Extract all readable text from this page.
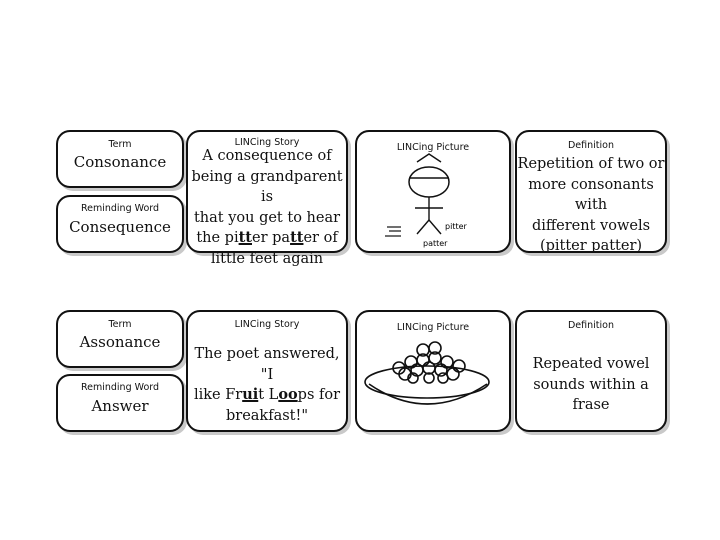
Term
Consonance
Reminding Word
Consequence
LINCing Story
A consequence of
being a grandparent is
that you get to hear
the pitter patter of
little feet again
LINCing Picture
pitter
patter
Definition
Repetition of two or
more consonants with
different vowels
(pitter patter)
Term
Assonance
Reminding Word
Answer
LINCing Story
The poet answered, "I
like Fruit Loops for
breakfast!"
LINCing Picture	Definition
Repeated vowel
sounds within a frase
